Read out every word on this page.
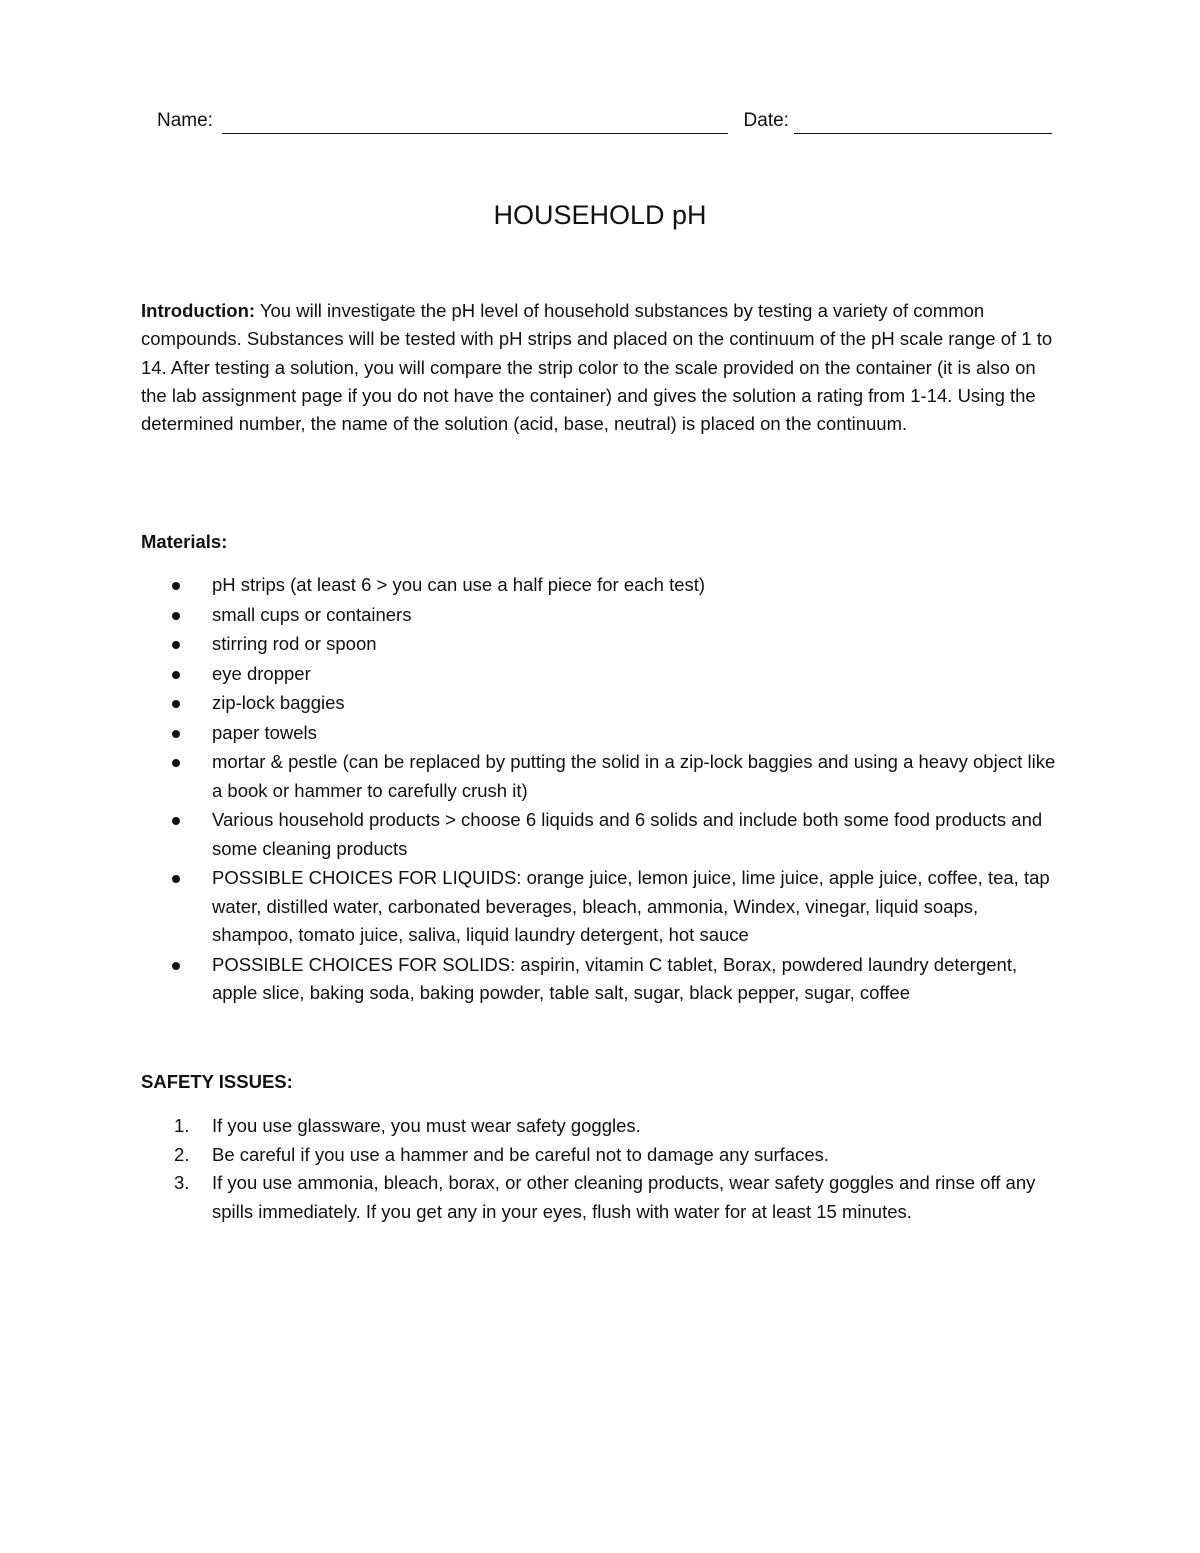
Name:	Date:
HOUSEHOLD pH
Introduction: You will investigate the pH level of household substances by testing a variety of common compounds. Substances will be tested with pH strips and placed on the continuum of the pH scale range of 1 to 14. After testing a solution, you will compare the strip color to the scale provided on the container (it is also on the lab assignment page if you do not have the container) and gives the solution a rating from 1-14. Using the determined number, the name of the solution (acid, base, neutral) is placed on the continuum.
Materials:
pH strips (at least 6 > you can use a half piece for each test)
small cups or containers
stirring rod or spoon
eye dropper
zip-lock baggies
paper towels
mortar & pestle (can be replaced by putting the solid in a zip-lock baggies and using a heavy object like a book or hammer to carefully crush it)
Various household products > choose 6 liquids and 6 solids and include both some food products and some cleaning products
POSSIBLE CHOICES FOR LIQUIDS: orange juice, lemon juice, lime juice, apple juice, coffee, tea, tap water, distilled water, carbonated beverages, bleach, ammonia, Windex, vinegar, liquid soaps, shampoo, tomato juice, saliva, liquid laundry detergent, hot sauce
POSSIBLE CHOICES FOR SOLIDS: aspirin, vitamin C tablet, Borax, powdered laundry detergent, apple slice, baking soda, baking powder, table salt, sugar, black pepper, sugar, coffee
SAFETY ISSUES:
1. If you use glassware, you must wear safety goggles.
2. Be careful if you use a hammer and be careful not to damage any surfaces.
3. If you use ammonia, bleach, borax, or other cleaning products, wear safety goggles and rinse off any spills immediately. If you get any in your eyes, flush with water for at least 15 minutes.
